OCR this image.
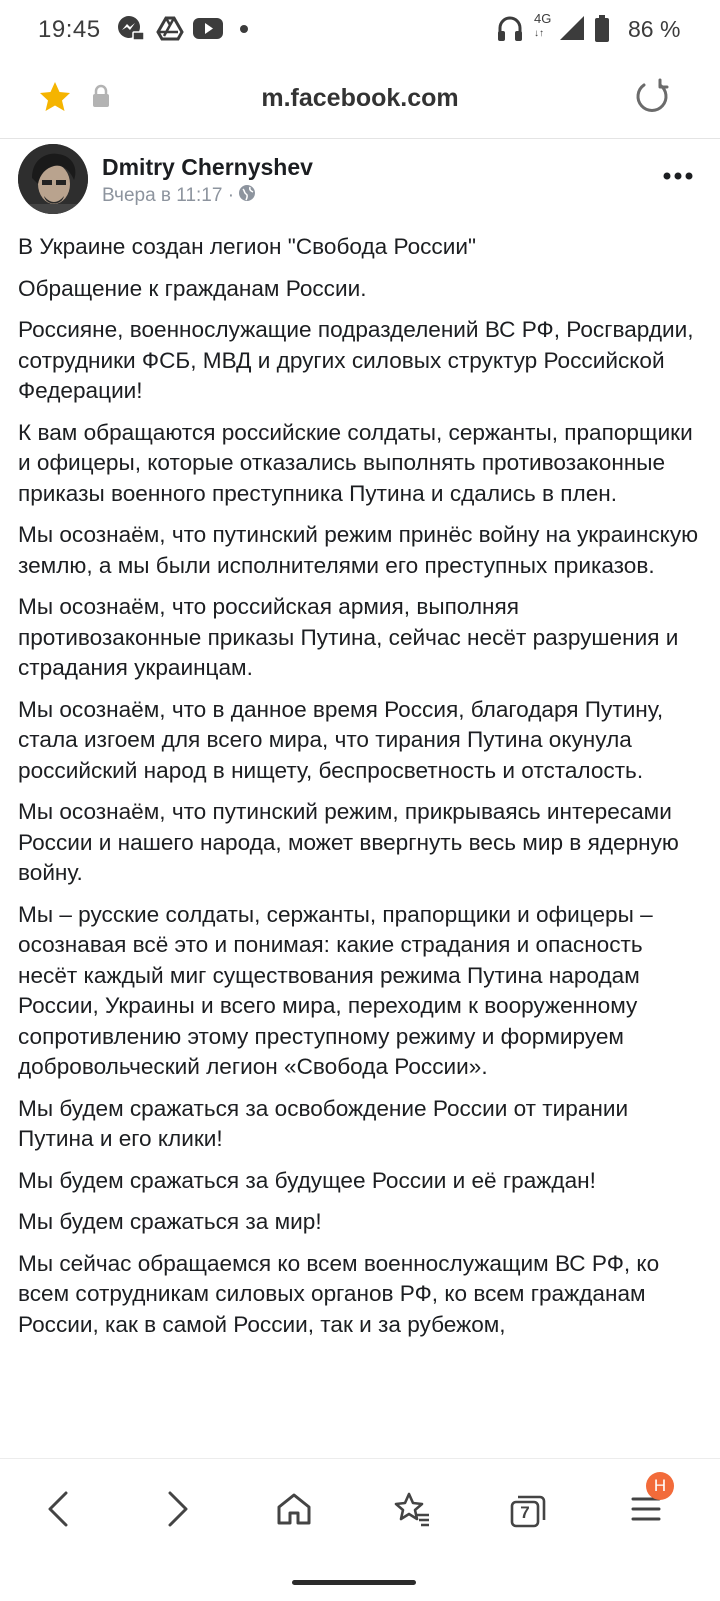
19:45	4G
↓↑	86 %
m.facebook.com
Dmitry Chernyshev
Вчера в 11:17 ·

В Украине создан легион "Свобода России"

Обращение к гражданам России.

Россияне, военнослужащие подразделений ВС РФ, Росгвардии, сотрудники ФСБ, МВД и других силовых структур Российской Федерации!

К вам обращаются российские солдаты, сержанты, прапорщики и офицеры, которые отказались выполнять противозаконные приказы военного преступника Путина и сдались в плен.

Мы осознаём, что путинский режим принёс войну на украинскую землю, а мы были исполнителями его преступных приказов.

Мы осознаём, что российская армия, выполняя противозаконные приказы Путина, сейчас несёт разрушения и страдания украинцам.

Мы осознаём, что в данное время Россия, благодаря Путину, стала изгоем для всего мира, что тирания Путина окунула российский народ в нищету, беспросветность и отсталость.

Мы осознаём, что путинский режим, прикрываясь интересами России и нашего народа, может ввергнуть весь мир в ядерную войну.

Мы – русские солдаты, сержанты, прапорщики и офицеры – осознавая всё это и понимая: какие страдания и опасность несёт каждый миг существования режима Путина народам России, Украины и всего мира, переходим к вооруженному сопротивлению этому преступному режиму и формируем добровольческий легион «Свобода России».

Мы будем сражаться за освобождение России от тирании Путина и его клики!

Мы будем сражаться за будущее России и её граждан!

Мы будем сражаться за мир!

Мы сейчас обращаемся ко всем военнослужащим ВС РФ, ко всем сотрудникам силовых органов РФ, ко всем гражданам России, как в самой России, так и за рубежом,

7
H
